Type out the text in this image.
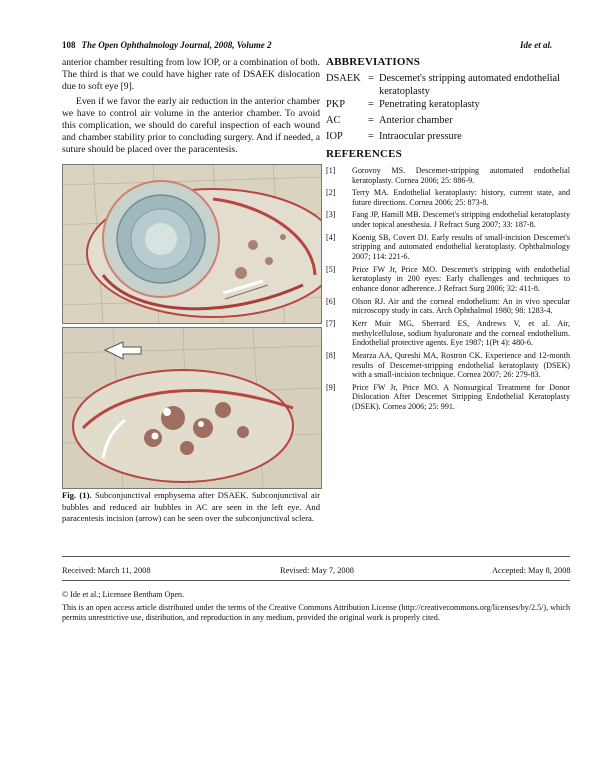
108 The Open Ophthalmology Journal, 2008, Volume 2	Ide et al.

anterior chamber resulting from low IOP, or a combination of both. The third is that we could have higher rate of DSAEK dislocation due to soft eye [9].

Even if we favor the early air reduction in the anterior chamber we have to control air volume in the anterior chamber. To avoid this complication, we should do careful inspection of each wound and chamber stability prior to concluding surgery. And if needed, a suture should be placed over the paracentesis.

Fig. (1). Subconjunctival emphysema after DSAEK. Subconjunctival air bubbles and reduced air bubbles in AC are seen in the left eye. And paracentesis incision (arrow) can be seen over the subconjunctival sclera.
ABBREVIATIONS
DSAEK = Descemet's stripping automated endothelial keratoplasty
PKP = Penetrating keratoplasty
AC	= Anterior chamber
IOP = Intraocular pressure
REFERENCES
[1] Gorovoy MS. Descemet-stripping automated endothelial keratoplasty. Cornea 2006; 25: 886-9.
[2] Terry MA. Endothelial keratoplasty: history, current state, and future directions. Cornea 2006; 25: 873-8.
[3] Fang JP, Hamill MB. Descemet's stripping endothelial keratoplasty under topical anesthesia. J Refract Surg 2007; 33: 187-8.
[4] Koenig SB, Covert DJ. Early results of small-incision Descemet's stripping and automated endothelial keratoplasty. Ophthalmology 2007; 114: 221-6.
[5] Price FW Jr, Price MO. Descemet's stripping with endothelial keratoplasty in 200 eyes: Early challenges and techniques to enhance donor adherence. J Refract Surg 2006; 32: 411-8.
[6] Olson RJ. Air and the corneal endothelium: An in vivo specular microscopy study in cats. Arch Ophthalmol 1980; 98: 1283-4.
[7] Kerr Muir MG, Sherrard ES, Andrews V, et al. Air, methylcellulose, sodium hyaluronate and the corneal endothelium. Endothelial protective agents. Eye 1987; 1(Pt 4): 480-6.
[8] Mearza AA, Qureshi MA, Rostron CK. Experience and 12-month results of Descemet-stripping endothelial keratoplasty (DSEK) with a small-incision technique. Cornea 2007; 26: 279-83.
[9] Price FW Jr, Price MO. A Nonsurgical Treatment for Donor Dislocation After Descemet Stripping Endothelial Keratoplasty (DSEK). Cornea 2006; 25: 991.
Received: March 11, 2008	Revised: May 7, 2008	Accepted: May 8, 2008
© Ide et al.; Licensee Bentham Open.
This is an open access article distributed under the terms of the Creative Commons Attribution License (http://creativecommons.org/licenses/by/2.5/), which permits unrestrictive use, distribution, and reproduction in any medium, provided the original work is properly cited.
